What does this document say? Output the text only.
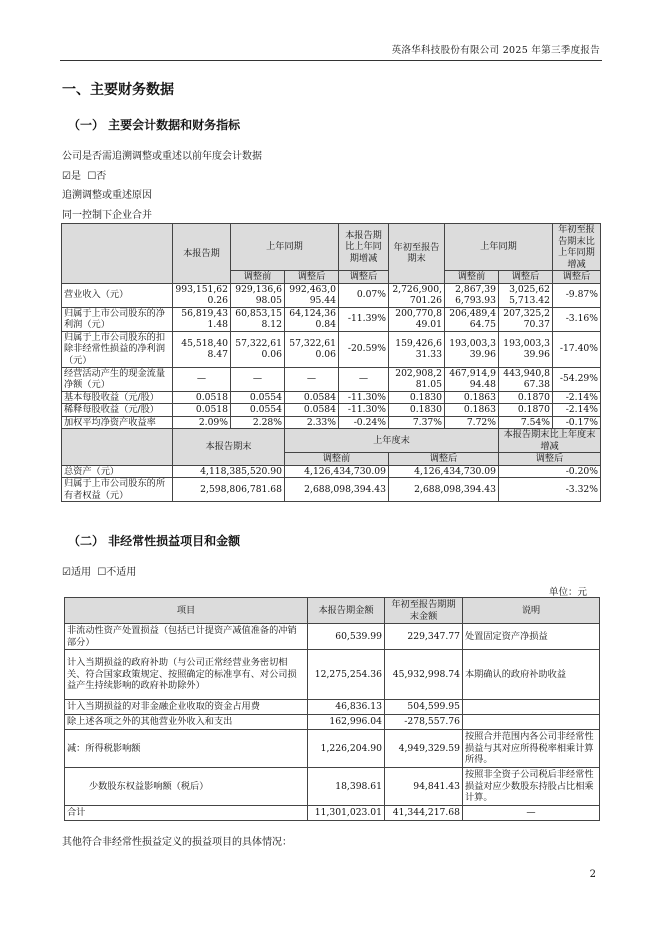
英洛华科技股份有限公司 2025 年第三季度报告
一、主要财务数据
（一） 主要会计数据和财务指标
公司是否需追溯调整或重述以前年度会计数据
☑是 ☐否
追溯调整或重述原因
同一控制下企业合并
	本报告期	上年同期		本报告期比上年同期增减	年初至报告期末	上年同期		年初至报告期末比上年同期增减
		调整前	调整后	调整后		调整前	调整后	调整后
营业收入（元）	993,151,620.26	929,136,698.05	992,463,095.44	0.07%	2,726,900,701.26	2,867,396,793.93	3,025,625,713.42	-9.87%
归属于上市公司股东的净利润（元）	56,819,431.48	60,853,158.12	64,124,360.84	-11.39%	200,770,849.01	206,489,464.75	207,325,270.37	-3.16%
归属于上市公司股东的扣除非经常性损益的净利润（元）	45,518,408.47	57,322,610.06	57,322,610.06	-20.59%	159,426,631.33	193,003,339.96	193,003,339.96	-17.40%
经营活动产生的现金流量净额（元）	—	—	—	—	202,908,281.05	467,914,994.48	443,940,867.38	-54.29%
基本每股收益（元/股）	0.0518	0.0554	0.0584	-11.30%	0.1830	0.1863	0.1870	-2.14%
稀释每股收益（元/股）	0.0518	0.0554	0.0584	-11.30%	0.1830	0.1863	0.1870	-2.14%
加权平均净资产收益率	2.09%	2.28%	2.33%	-0.24%	7.37%	7.72%	7.54%	-0.17%
	本报告期末		上年度末				本报告期末比上年度末增减	
			调整前		调整后		调整后	
总资产（元）	4,118,385,520.90		4,126,434,730.09		4,126,434,730.09		-0.20%	
归属于上市公司股东的所有者权益（元）	2,598,806,781.68		2,688,098,394.43		2,688,098,394.43		-3.32%	
（二） 非经常性损益项目和金额
☑适用 ☐不适用
单位：元
项目	本报告期金额	年初至报告期期末金额	说明
非流动性资产处置损益（包括已计提资产减值准备的冲销部分）	60,539.99	229,347.77	处置固定资产净损益
计入当期损益的政府补助（与公司正常经营业务密切相关、符合国家政策规定、按照确定的标准享有、对公司损益产生持续影响的政府补助除外）	12,275,254.36	45,932,998.74	本期确认的政府补助收益
计入当期损益的对非金融企业收取的资金占用费	46,836.13	504,599.95	
除上述各项之外的其他营业外收入和支出	162,996.04	-278,557.76	
减：所得税影响额	1,226,204.90	4,949,329.59	按照合并范围内各公司非经常性损益与其对应所得税率相乘计算所得。
少数股东权益影响额（税后）	18,398.61	94,841.43	按照非全资子公司税后非经常性损益对应少数股东持股占比相乘计算。
合计	11,301,023.01	41,344,217.68	—
其他符合非经常性损益定义的损益项目的具体情况：
2
